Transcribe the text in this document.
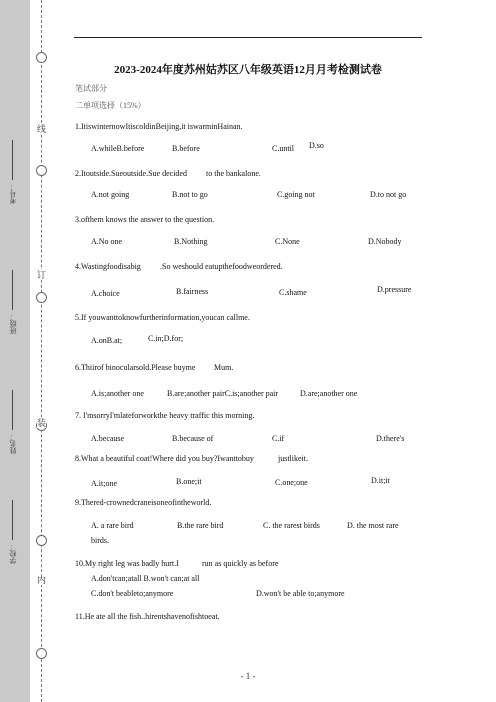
线
订
装
内
考号：
班级：
姓名：
学校：
2023-2024年度苏州姑苏区八年级英语12月月考检测试卷
笔试部分
二单项选择（15%）
1.ItiswinternowItiscoldinBeijing,it iswarminHainan.
A.whileB.before	B.before	C.until D.so
2.Itoutside.Sueoutside.Sue decided to the bankalone.
A.not going	B.not to go	C.going not	D.to not go
3.ofthem knows the answer to the question.
A.No one	B.Nothing	C.None	D.Nobody
4.Wastingfoodisabig .So weshould eatupthefoodweordered.
A.choice	B.fairness	C.shame	D.pressure
5.If youwanttoknowfurtherinformation,youcan callme.
A.onB.at;	C.in;D.for;
6.Thiirof binocularsold.Please buyme Mum.
A.is;another one	B.are;another pairC.is;another pair	D.are;another one
7. I'msorryI'mlateforworkthe heavy traffic this morning.
A.because	B.because of	C.if	D.there's
8.What a beautiful coat!Where did you buy?Iwanttobuy	justlikeit.
A.it;one	B.one;it	C.one;one	D.it;it
9.Thered-crownedcraneisoneofintheworld.
A. a rare bird	B.the rare bird	C. the rarest birds	D. the most rare
birds.
10.My right leg was badly hurt.I	run as quickly as before
A.don'tcan;atall B.won't can;at all
C.don't beableto;anymore	D.won't be able to;anymore
11.He ate all the fish..hirentshavenofishtoeat.
- 1 -
